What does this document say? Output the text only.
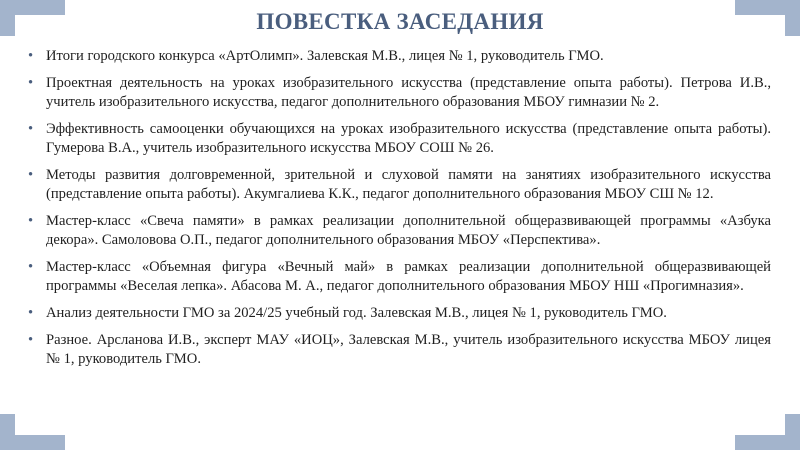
ПОВЕСТКА ЗАСЕДАНИЯ
• Итоги городского конкурса «АртОлимп». Залевская М.В., лицея № 1, руководитель ГМО.
• Проектная деятельность на уроках изобразительного искусства (представление опыта работы). Петрова И.В., учитель изобразительного искусства, педагог дополнительного образования МБОУ гимназии № 2.
• Эффективность самооценки обучающихся на уроках изобразительного искусства (представление опыта работы). Гумерова В.А., учитель изобразительного искусства МБОУ СОШ № 26.
• Методы развития долговременной, зрительной и слуховой памяти на занятиях изобразительного искусства (представление опыта работы). Акумгалиева К.К., педагог дополнительного образования МБОУ СШ № 12.
• Мастер-класс «Свеча памяти» в рамках реализации дополнительной общеразвивающей программы «Азбука декора». Самоловова О.П., педагог дополнительного образования МБОУ «Перспектива».
• Мастер-класс «Объемная фигура «Вечный май» в рамках реализации дополнительной общеразвивающей программы «Веселая лепка». Абасова М. А., педагог дополнительного образования МБОУ НШ «Прогимназия».
• Анализ деятельности ГМО за 2024/25 учебный год. Залевская М.В., лицея № 1, руководитель ГМО.
• Разное. Арсланова И.В., эксперт МАУ «ИОЦ», Залевская М.В., учитель изобразительного искусства МБОУ лицея № 1, руководитель ГМО.
